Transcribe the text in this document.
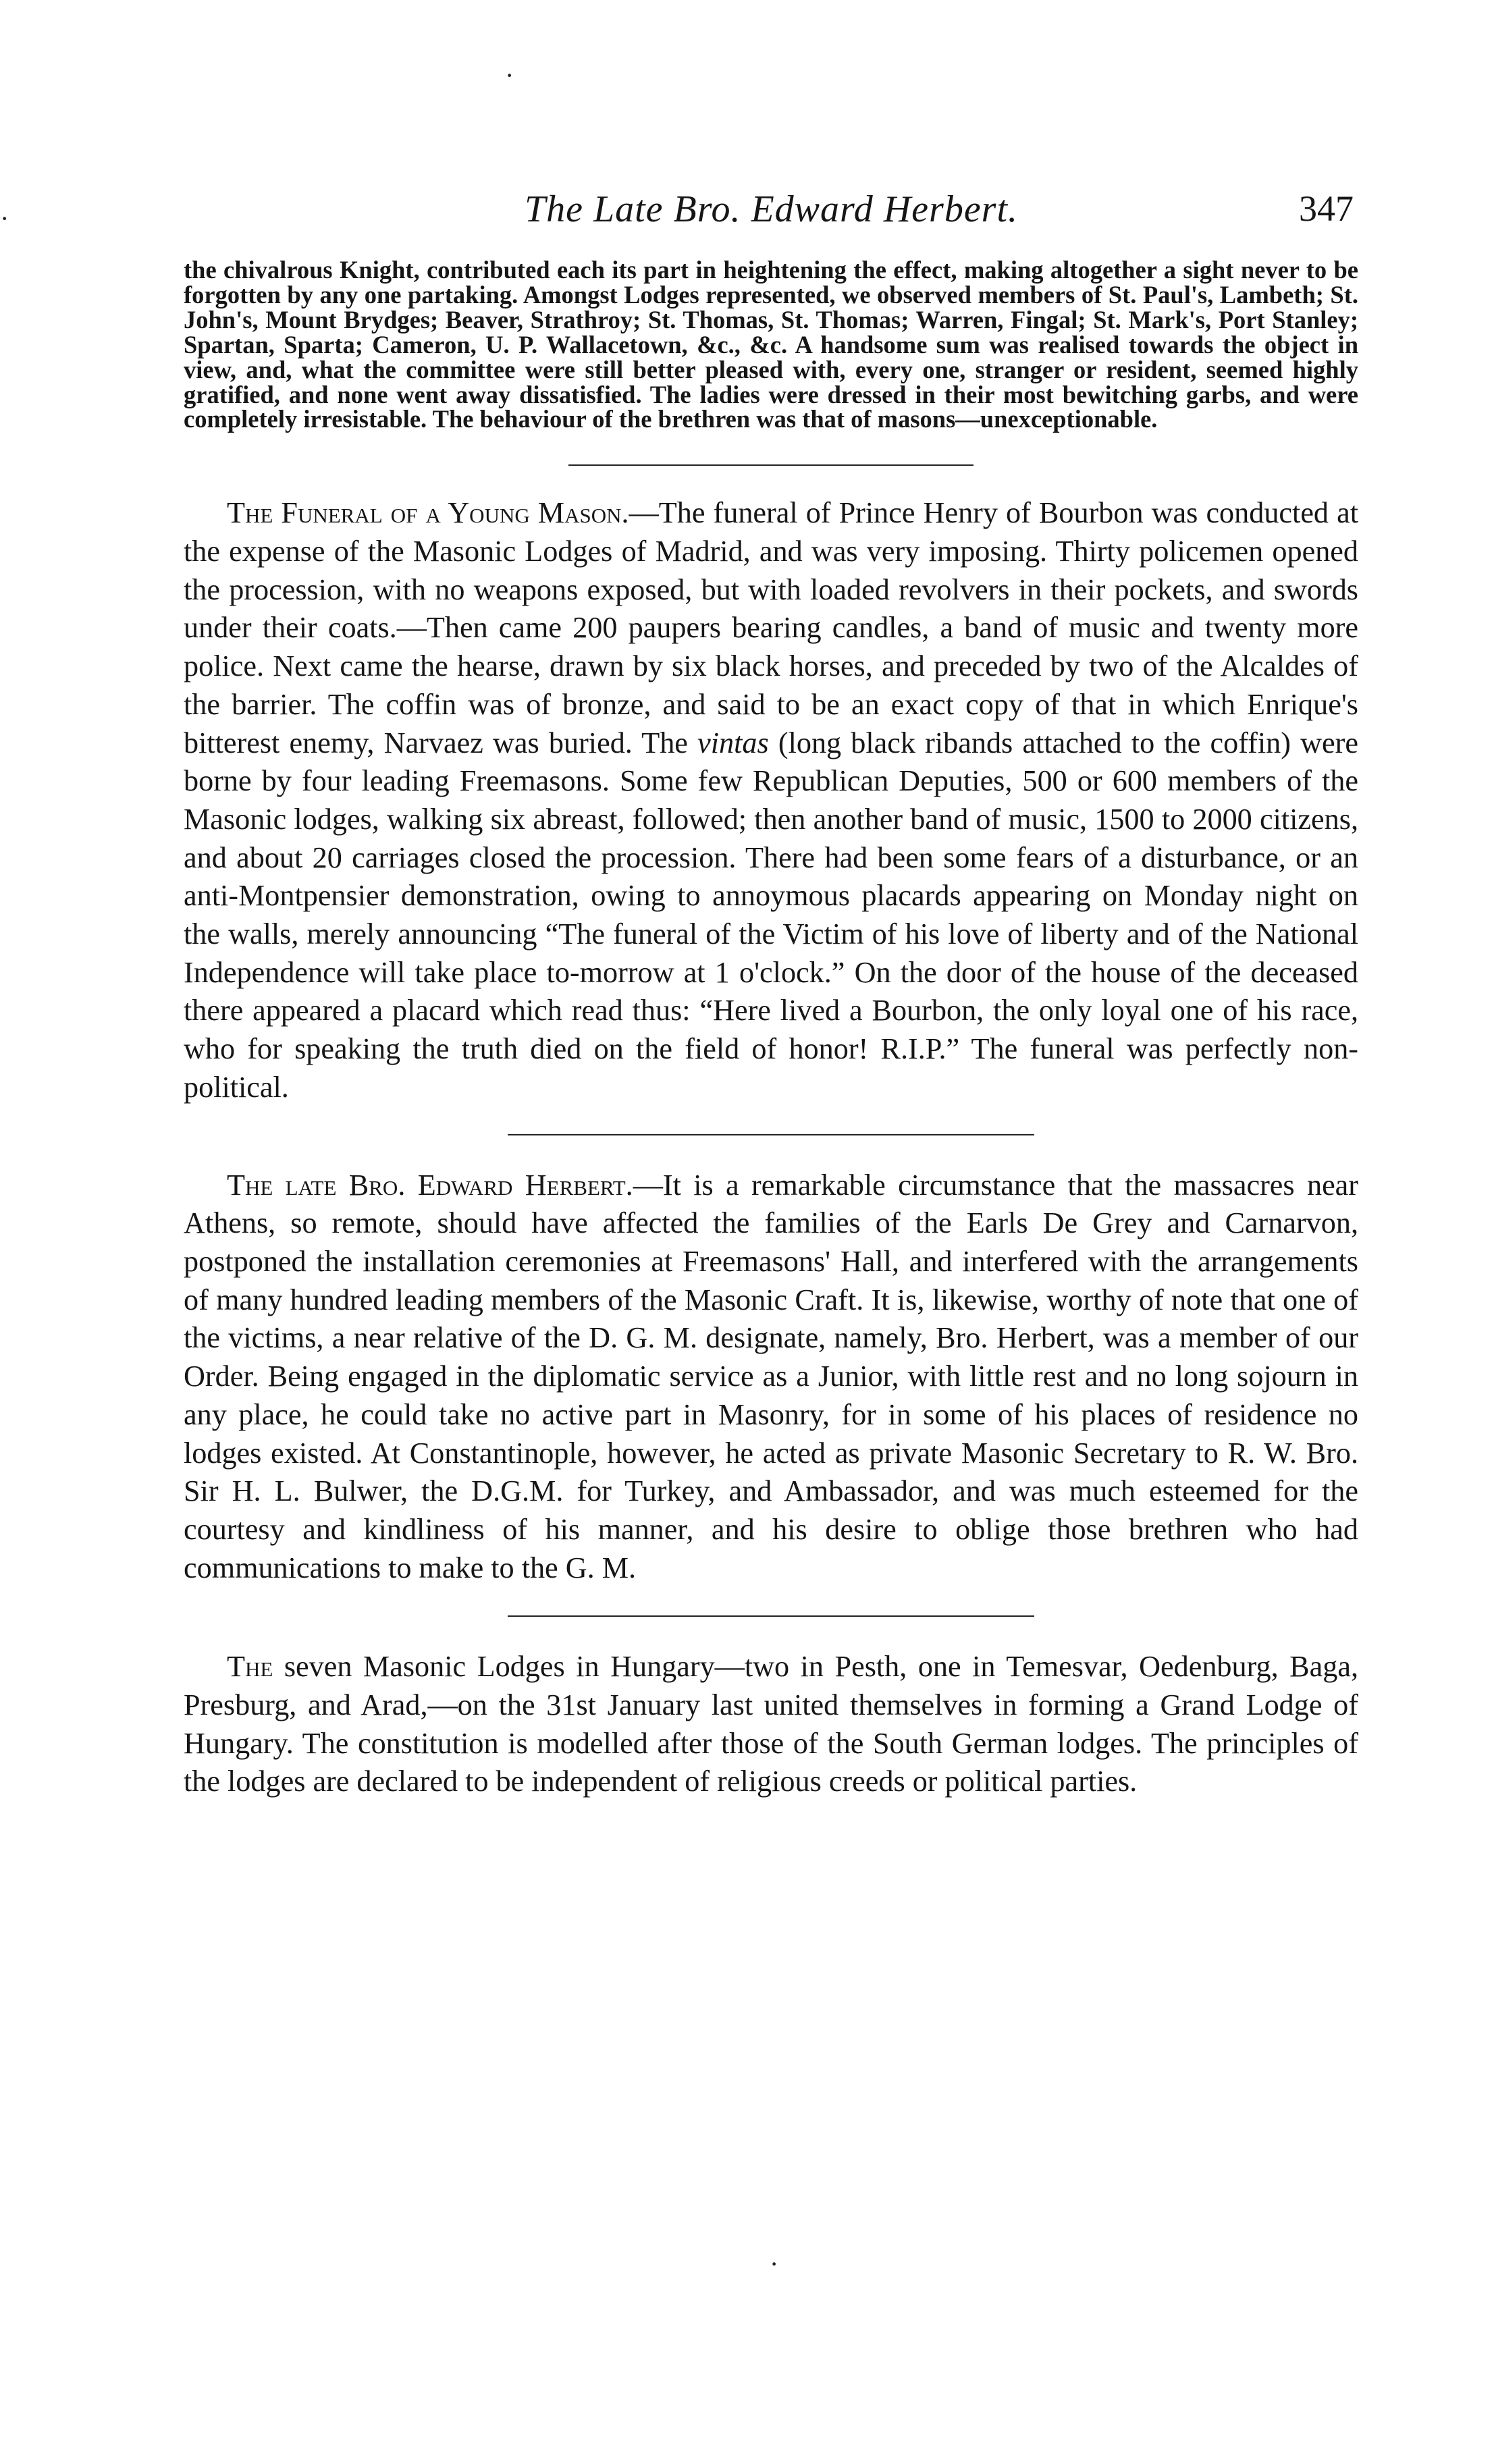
The Late Bro. Edward Herbert.	347

the chivalrous Knight, contributed each its part in heightening the effect, making altogether a sight never to be forgotten by any one partaking. Amongst Lodges represented, we observed members of St. Paul's, Lambeth; St. John's, Mount Brydges; Beaver, Strathroy; St. Thomas, St. Thomas; Warren, Fingal; St. Mark's, Port Stanley; Spartan, Sparta; Cameron, U. P. Wallacetown, &c., &c. A handsome sum was realised towards the object in view, and, what the committee were still better pleased with, every one, stranger or resident, seemed highly gratified, and none went away dissatisfied. The ladies were dressed in their most bewitching garbs, and were completely irresistable. The behaviour of the brethren was that of masons—unexceptionable.

The Funeral of a Young Mason.—The funeral of Prince Henry of Bourbon was conducted at the expense of the Masonic Lodges of Madrid, and was very imposing. Thirty policemen opened the procession, with no weapons exposed, but with loaded revolvers in their pockets, and swords under their coats.—Then came 200 paupers bearing candles, a band of music and twenty more police. Next came the hearse, drawn by six black horses, and preceded by two of the Alcaldes of the barrier. The coffin was of bronze, and said to be an exact copy of that in which Enrique's bitterest enemy, Narvaez was buried. The vintas (long black ribands attached to the coffin) were borne by four leading Freemasons. Some few Republican Deputies, 500 or 600 members of the Masonic lodges, walking six abreast, followed; then another band of music, 1500 to 2000 citizens, and about 20 carriages closed the procession. There had been some fears of a disturbance, or an anti-Montpensier demonstration, owing to annoymous placards appearing on Monday night on the walls, merely announcing “The funeral of the Victim of his love of liberty and of the National Independence will take place to-morrow at 1 o'clock.” On the door of the house of the deceased there appeared a placard which read thus: “Here lived a Bourbon, the only loyal one of his race, who for speaking the truth died on the field of honor! R.I.P.” The funeral was perfectly non-political.

The late Bro. Edward Herbert.—It is a remarkable circumstance that the massacres near Athens, so remote, should have affected the families of the Earls De Grey and Carnarvon, postponed the installation ceremonies at Freemasons' Hall, and interfered with the arrangements of many hundred leading members of the Masonic Craft. It is, likewise, worthy of note that one of the victims, a near relative of the D. G. M. designate, namely, Bro. Herbert, was a member of our Order. Being engaged in the diplomatic service as a Junior, with little rest and no long sojourn in any place, he could take no active part in Masonry, for in some of his places of residence no lodges existed. At Constantinople, however, he acted as private Masonic Secretary to R. W. Bro. Sir H. L. Bulwer, the D.G.M. for Turkey, and Ambassador, and was much esteemed for the courtesy and kindliness of his manner, and his desire to oblige those brethren who had communications to make to the G. M.

The seven Masonic Lodges in Hungary—two in Pesth, one in Temesvar, Oedenburg, Baga, Presburg, and Arad,—on the 31st January last united themselves in forming a Grand Lodge of Hungary. The constitution is modelled after those of the South German lodges. The principles of the lodges are declared to be independent of religious creeds or political parties.

·
·
·
